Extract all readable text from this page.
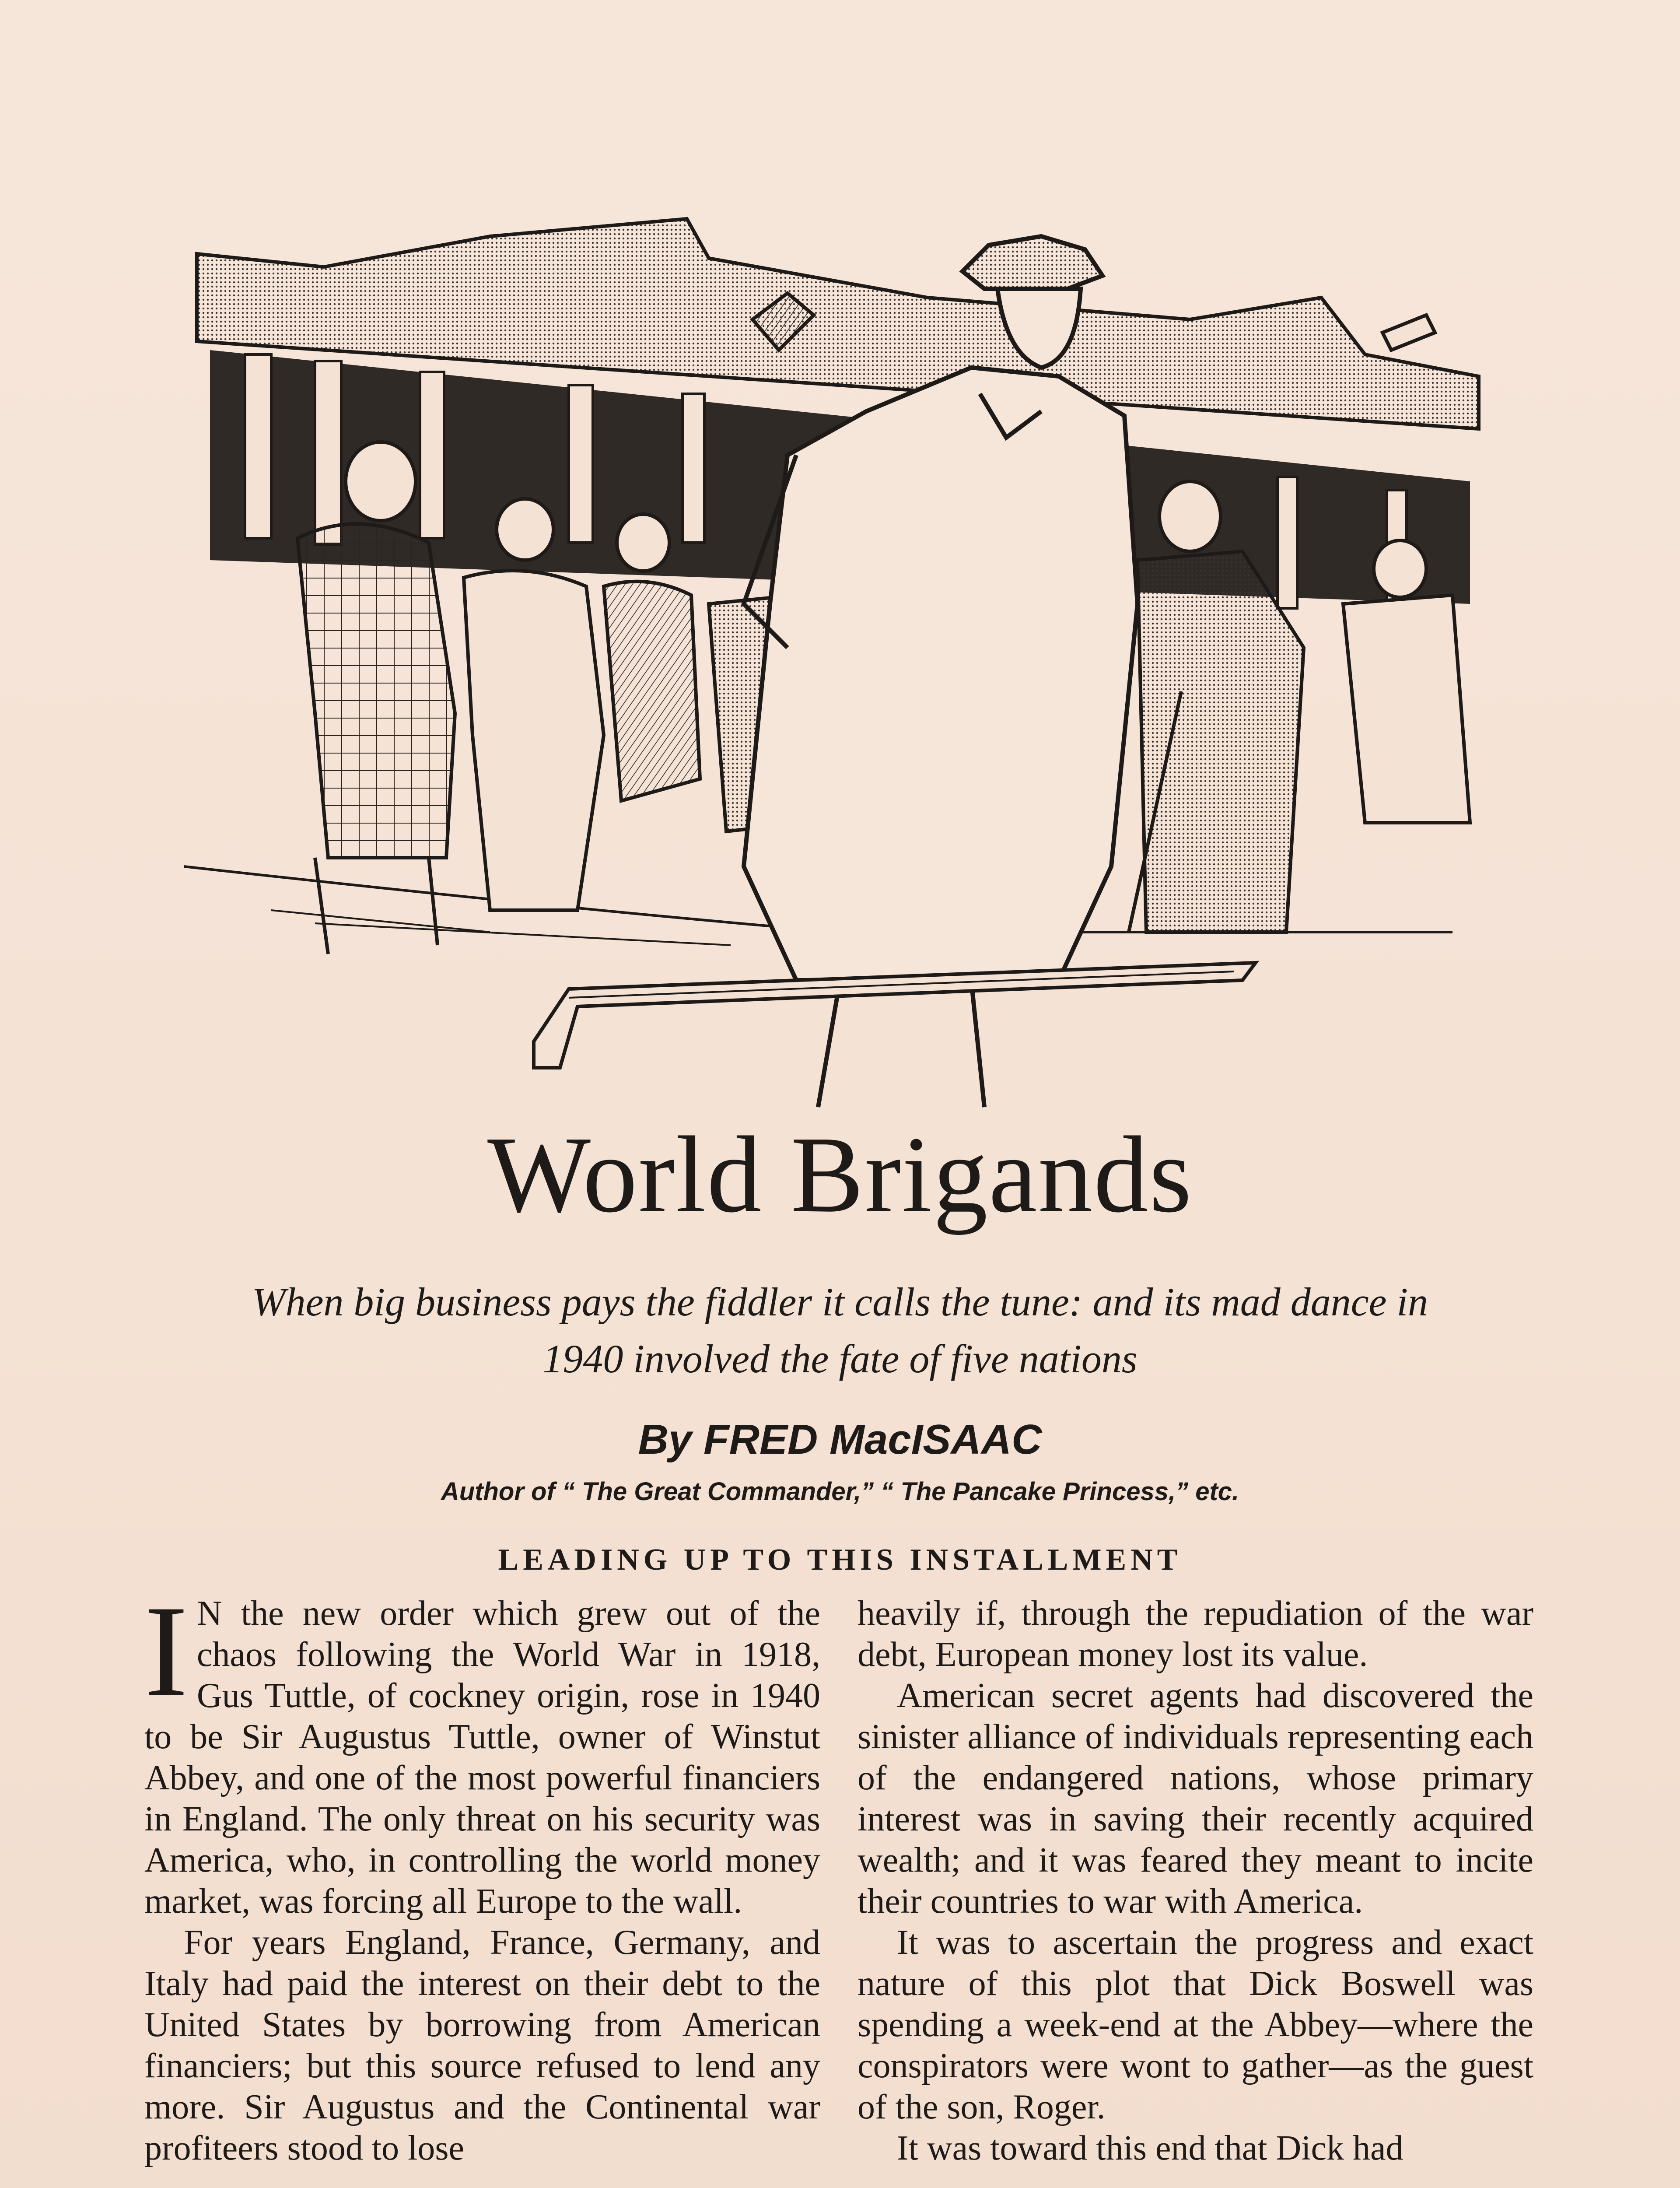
World Brigands
When big business pays the fiddler it calls the tune: and its mad dance in 1940 involved the fate of five nations
By FRED MacISAAC
Author of “ The Great Commander,” “ The Pancake Princess,” etc.
LEADING UP TO THIS INSTALLMENT

I N the new order which grew out of the chaos following the World War in 1918, Gus Tuttle, of cockney origin, rose in 1940 to be Sir Augustus Tuttle, owner of Winstut Abbey, and one of the most powerful financiers in England. The only threat on his security was America, who, in controlling the world money market, was forcing all Europe to the wall.

For years England, France, Germany, and Italy had paid the interest on their debt to the United States by borrowing from American financiers; but this source refused to lend any more. Sir Augustus and the Continental war profiteers stood to lose

heavily if, through the repudiation of the war debt, European money lost its value.

American secret agents had discovered the sinister alliance of individuals representing each of the endangered nations, whose primary interest was in saving their recently acquired wealth; and it was feared they meant to incite their countries to war with America.

It was to ascertain the progress and exact nature of this plot that Dick Boswell was spending a week-end at the Abbey—where the conspirators were wont to gather—as the guest of the son, Roger.

It was toward this end that Dick had
